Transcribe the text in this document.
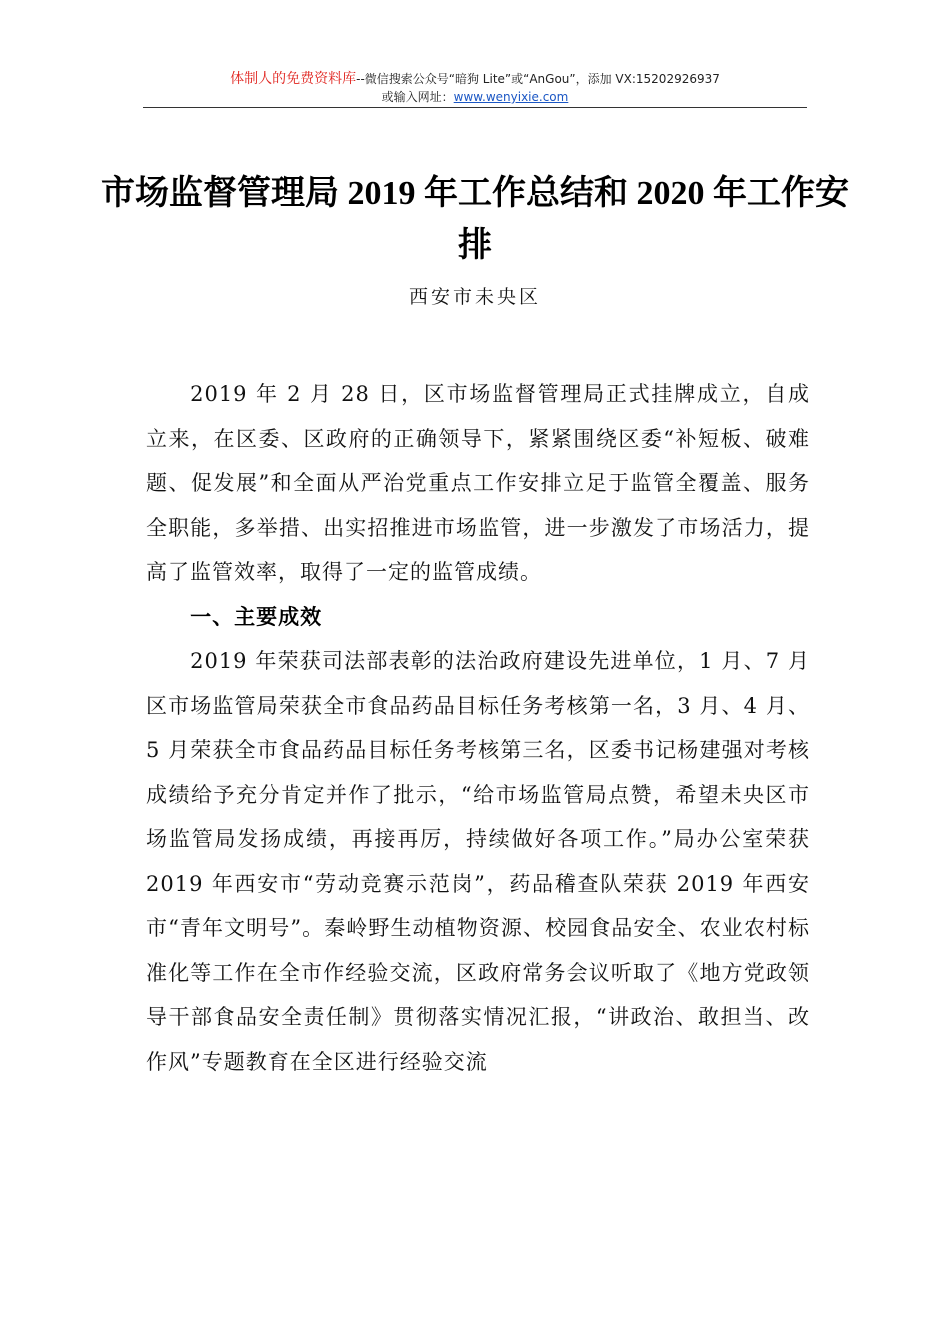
体制人的免费资料库--微信搜索公众号“暗狗 Lite”或“AnGou”，添加 VX:15202926937
或输入网址：www.wenyixie.com
市场监督管理局 2019 年工作总结和 2020 年工作安排
西安市未央区

2019 年 2 月 28 日，区市场监督管理局正式挂牌成立，自成立来，在区委、区政府的正确领导下，紧紧围绕区委“补短板、破难题、促发展”和全面从严治党重点工作安排立足于监管全覆盖、服务全职能，多举措、出实招推进市场监管，进一步激发了市场活力，提高了监管效率，取得了一定的监管成绩。

一、主要成效

2019 年荣获司法部表彰的法治政府建设先进单位，1 月、7 月区市场监管局荣获全市食品药品目标任务考核第一名，3 月、4 月、5 月荣获全市食品药品目标任务考核第三名，区委书记杨建强对考核成绩给予充分肯定并作了批示，“给市场监管局点赞，希望未央区市场监管局发扬成绩，再接再厉，持续做好各项工作。”局办公室荣获 2019 年西安市“劳动竞赛示范岗”，药品稽查队荣获 2019 年西安市“青年文明号”。秦岭野生动植物资源、校园食品安全、农业农村标准化等工作在全市作经验交流，区政府常务会议听取了《地方党政领导干部食品安全责任制》贯彻落实情况汇报，“讲政治、敢担当、改作风”专题教育在全区进行经验交流
